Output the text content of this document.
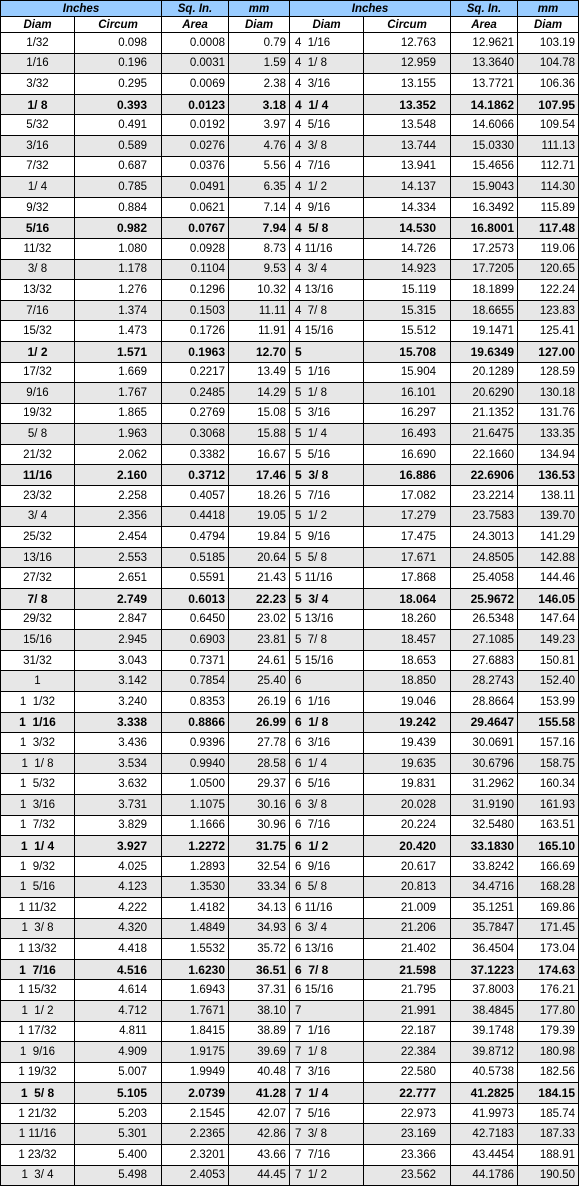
Inches		Sq. In.	mm
Diam	Circum	Area	Diam
1/32	0.098	0.0008	0.79
1/16	0.196	0.0031	1.59
3/32	0.295	0.0069	2.38
1/ 8	0.393	0.0123	3.18
5/32	0.491	0.0192	3.97
3/16	0.589	0.0276	4.76
7/32	0.687	0.0376	5.56
1/ 4	0.785	0.0491	6.35
9/32	0.884	0.0621	7.14
5/16	0.982	0.0767	7.94
11/32	1.080	0.0928	8.73
3/ 8	1.178	0.1104	9.53
13/32	1.276	0.1296	10.32
7/16	1.374	0.1503	11.11
15/32	1.473	0.1726	11.91
1/ 2	1.571	0.1963	12.70
17/32	1.669	0.2217	13.49
9/16	1.767	0.2485	14.29
19/32	1.865	0.2769	15.08
5/ 8	1.963	0.3068	15.88
21/32	2.062	0.3382	16.67
11/16	2.160	0.3712	17.46
23/32	2.258	0.4057	18.26
3/ 4	2.356	0.4418	19.05
25/32	2.454	0.4794	19.84
13/16	2.553	0.5185	20.64
27/32	2.651	0.5591	21.43
7/ 8	2.749	0.6013	22.23
29/32	2.847	0.6450	23.02
15/16	2.945	0.6903	23.81
31/32	3.043	0.7371	24.61
1	3.142	0.7854	25.40
1  1/32	3.240	0.8353	26.19
1  1/16	3.338	0.8866	26.99
1  3/32	3.436	0.9396	27.78
1  1/ 8	3.534	0.9940	28.58
1  5/32	3.632	1.0500	29.37
1  3/16	3.731	1.1075	30.16
1  7/32	3.829	1.1666	30.96
1  1/ 4	3.927	1.2272	31.75
1  9/32	4.025	1.2893	32.54
1  5/16	4.123	1.3530	33.34
1 11/32	4.222	1.4182	34.13
1  3/ 8	4.320	1.4849	34.93
1 13/32	4.418	1.5532	35.72
1  7/16	4.516	1.6230	36.51
1 15/32	4.614	1.6943	37.31
1  1/ 2	4.712	1.7671	38.10
1 17/32	4.811	1.8415	38.89
1  9/16	4.909	1.9175	39.69
1 19/32	5.007	1.9949	40.48
1  5/ 8	5.105	2.0739	41.28
1 21/32	5.203	2.1545	42.07
1 11/16	5.301	2.2365	42.86
1 23/32	5.400	2.3201	43.66
1  3/ 4	5.498	2.4053	44.45
Inches		Sq. In.	mm
Diam	Circum	Area	Diam
4  1/16	12.763	12.9621	103.19
4  1/ 8	12.959	13.3640	104.78
4  3/16	13.155	13.7721	106.36
4  1/ 4	13.352	14.1862	107.95
4  5/16	13.548	14.6066	109.54
4  3/ 8	13.744	15.0330	111.13
4  7/16	13.941	15.4656	112.71
4  1/ 2	14.137	15.9043	114.30
4  9/16	14.334	16.3492	115.89
4  5/ 8	14.530	16.8001	117.48
4 11/16	14.726	17.2573	119.06
4  3/ 4	14.923	17.7205	120.65
4 13/16	15.119	18.1899	122.24
4  7/ 8	15.315	18.6655	123.83
4 15/16	15.512	19.1471	125.41
5	15.708	19.6349	127.00
5  1/16	15.904	20.1289	128.59
5  1/ 8	16.101	20.6290	130.18
5  3/16	16.297	21.1352	131.76
5  1/ 4	16.493	21.6475	133.35
5  5/16	16.690	22.1660	134.94
5  3/ 8	16.886	22.6906	136.53
5  7/16	17.082	23.2214	138.11
5  1/ 2	17.279	23.7583	139.70
5  9/16	17.475	24.3013	141.29
5  5/ 8	17.671	24.8505	142.88
5 11/16	17.868	25.4058	144.46
5  3/ 4	18.064	25.9672	146.05
5 13/16	18.260	26.5348	147.64
5  7/ 8	18.457	27.1085	149.23
5 15/16	18.653	27.6883	150.81
6	18.850	28.2743	152.40
6  1/16	19.046	28.8664	153.99
6  1/ 8	19.242	29.4647	155.58
6  3/16	19.439	30.0691	157.16
6  1/ 4	19.635	30.6796	158.75
6  5/16	19.831	31.2962	160.34
6  3/ 8	20.028	31.9190	161.93
6  7/16	20.224	32.5480	163.51
6  1/ 2	20.420	33.1830	165.10
6  9/16	20.617	33.8242	166.69
6  5/ 8	20.813	34.4716	168.28
6 11/16	21.009	35.1251	169.86
6  3/ 4	21.206	35.7847	171.45
6 13/16	21.402	36.4504	173.04
6  7/ 8	21.598	37.1223	174.63
6 15/16	21.795	37.8003	176.21
7	21.991	38.4845	177.80
7  1/16	22.187	39.1748	179.39
7  1/ 8	22.384	39.8712	180.98
7  3/16	22.580	40.5738	182.56
7  1/ 4	22.777	41.2825	184.15
7  5/16	22.973	41.9973	185.74
7  3/ 8	23.169	42.7183	187.33
7  7/16	23.366	43.4454	188.91
7  1/ 2	23.562	44.1786	190.50
